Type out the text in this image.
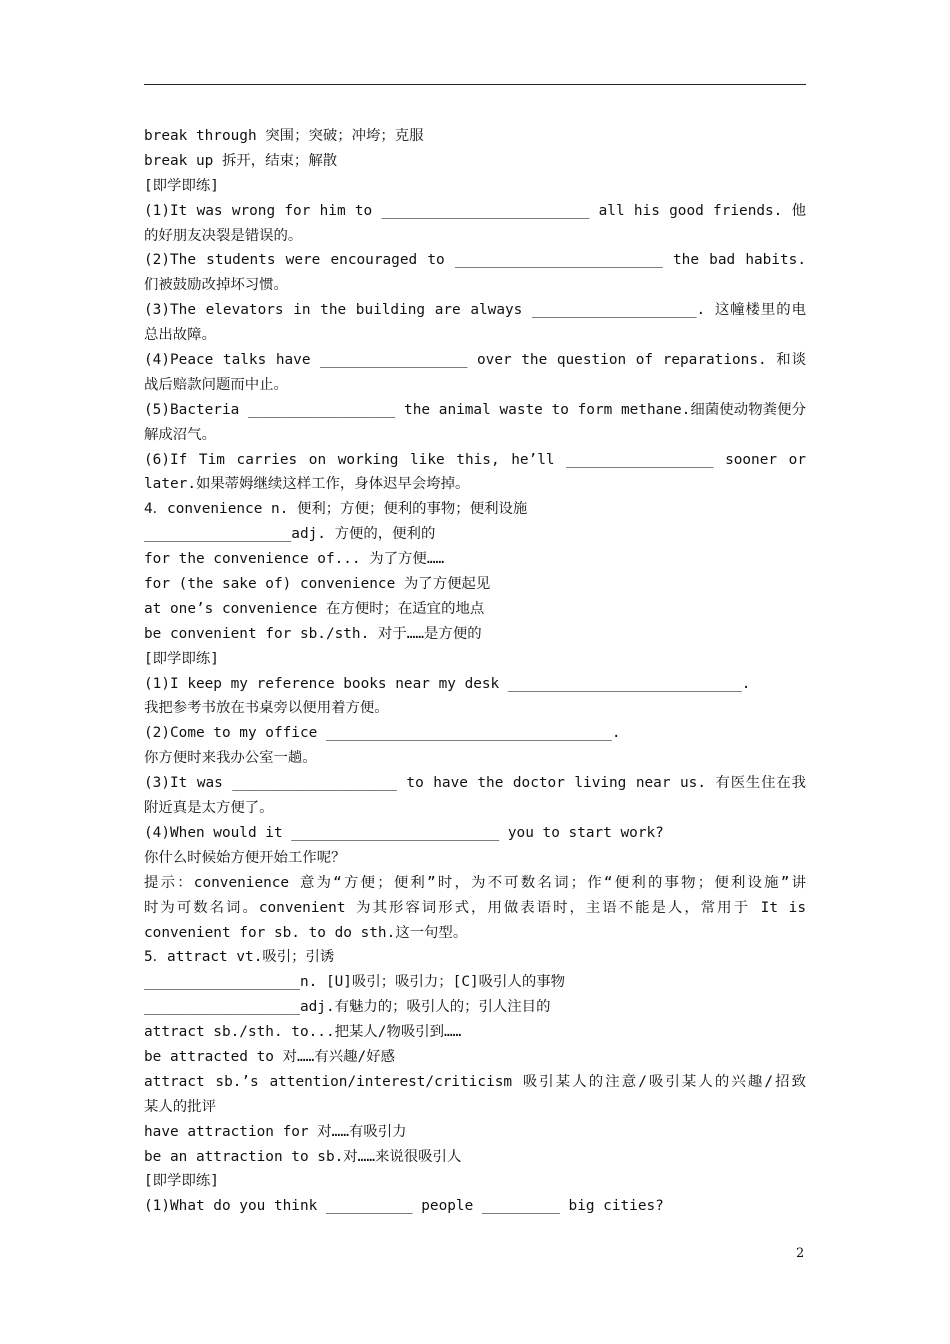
break through 突围；突破；冲垮；克服
break up 拆开，结束；解散
[即学即练]
(1)It was wrong for him to ________________________ all his good friends. 他
的好朋友决裂是错误的。
(2)The students were encouraged to ________________________ the bad habits.
们被鼓励改掉坏习惯。
(3)The elevators in the building are always ___________________. 这幢楼里的电
总出故障。
(4)Peace talks have _________________ over the question of reparations. 和谈
战后赔款问题而中止。
(5)Bacteria _________________ the animal waste to form methane.细菌使动物粪便分
解成沼气。
(6)If Tim carries on working like this, he’ll _________________ sooner or
later.如果蒂姆继续这样工作，身体迟早会垮掉。
4．convenience n. 便利；方便；便利的事物；便利设施
_________________adj. 方便的，便利的
for the convenience of... 为了方便……
for (the sake of) convenience 为了方便起见
at one’s convenience 在方便时；在适宜的地点
be convenient for sb./sth. 对于……是方便的
[即学即练]
(1)I keep my reference books near my desk ___________________________.
我把参考书放在书桌旁以便用着方便。
(2)Come to my office _________________________________.
你方便时来我办公室一趟。
(3)It was ___________________ to have the doctor living near us. 有医生住在我
附近真是太方便了。
(4)When would it ________________________ you to start work?
你什么时候始方便开始工作呢？
提示：convenience 意为“方便；便利”时，为不可数名词；作“便利的事物；便利设施”讲
时为可数名词。convenient 为其形容词形式，用做表语时，主语不能是人，常用于 It is
convenient for sb. to do sth.这一句型。
5．attract vt.吸引；引诱
__________________n. [U]吸引；吸引力；[C]吸引人的事物
__________________adj.有魅力的；吸引人的；引人注目的
attract sb./sth. to...把某人/物吸引到……
be attracted to 对……有兴趣/好感
attract sb.’s attention/interest/criticism 吸引某人的注意/吸引某人的兴趣/招致
某人的批评
have attraction for 对……有吸引力
be an attraction to sb.对……来说很吸引人
[即学即练]
(1)What do you think __________ people _________ big cities?
2
